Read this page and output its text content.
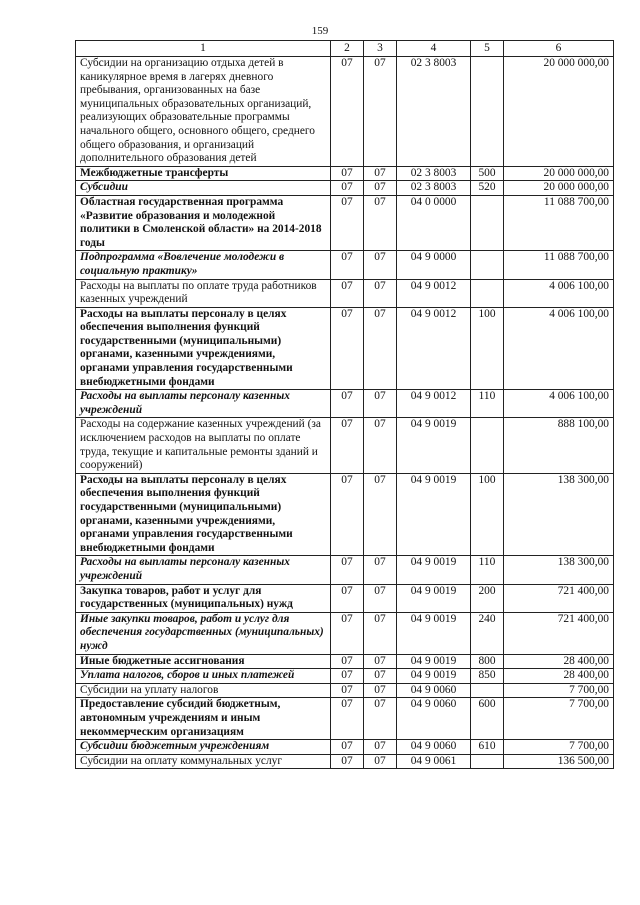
159
1	2	3	4	5	6
Субсидии на организацию отдыха детей в каникулярное время в лагерях дневного пребывания, организованных на базе муниципальных образовательных организаций, реализующих образовательные программы начального общего, основного общего, среднего общего образования, и организаций дополнительного образования детей	07	07	02 3 8003		20 000 000,00
Межбюджетные трансферты	07	07	02 3 8003	500	20 000 000,00
Субсидии	07	07	02 3 8003	520	20 000 000,00
Областная государственная программа «Развитие образования и молодежной политики в Смоленской области» на 2014-2018 годы	07	07	04 0 0000		11 088 700,00
Подпрограмма «Вовлечение молодежи в социальную практику»	07	07	04 9 0000		11 088 700,00
Расходы на выплаты по оплате труда работников казенных учреждений	07	07	04 9 0012		4 006 100,00
Расходы на выплаты персоналу в целях обеспечения выполнения функций государственными (муниципальными) органами, казенными учреждениями, органами управления государственными внебюджетными фондами	07	07	04 9 0012	100	4 006 100,00
Расходы на выплаты персоналу казенных учреждений	07	07	04 9 0012	110	4 006 100,00
Расходы на содержание казенных учреждений (за исключением расходов на выплаты по оплате труда, текущие и капитальные ремонты зданий и сооружений)	07	07	04 9 0019		888 100,00
Расходы на выплаты персоналу в целях обеспечения выполнения функций государственными (муниципальными) органами, казенными учреждениями, органами управления государственными внебюджетными фондами	07	07	04 9 0019	100	138 300,00
Расходы на выплаты персоналу казенных учреждений	07	07	04 9 0019	110	138 300,00
Закупка товаров, работ и услуг для государственных (муниципальных) нужд	07	07	04 9 0019	200	721 400,00
Иные закупки товаров, работ и услуг для обеспечения государственных (муниципальных) нужд	07	07	04 9 0019	240	721 400,00
Иные бюджетные ассигнования	07	07	04 9 0019	800	28 400,00
Уплата налогов, сборов и иных платежей	07	07	04 9 0019	850	28 400,00
Субсидии на уплату налогов	07	07	04 9 0060		7 700,00
Предоставление субсидий бюджетным, автономным учреждениям и иным некоммерческим организациям	07	07	04 9 0060	600	7 700,00
Субсидии бюджетным учреждениям	07	07	04 9 0060	610	7 700,00
Субсидии на оплату коммунальных услуг	07	07	04 9 0061		136 500,00
